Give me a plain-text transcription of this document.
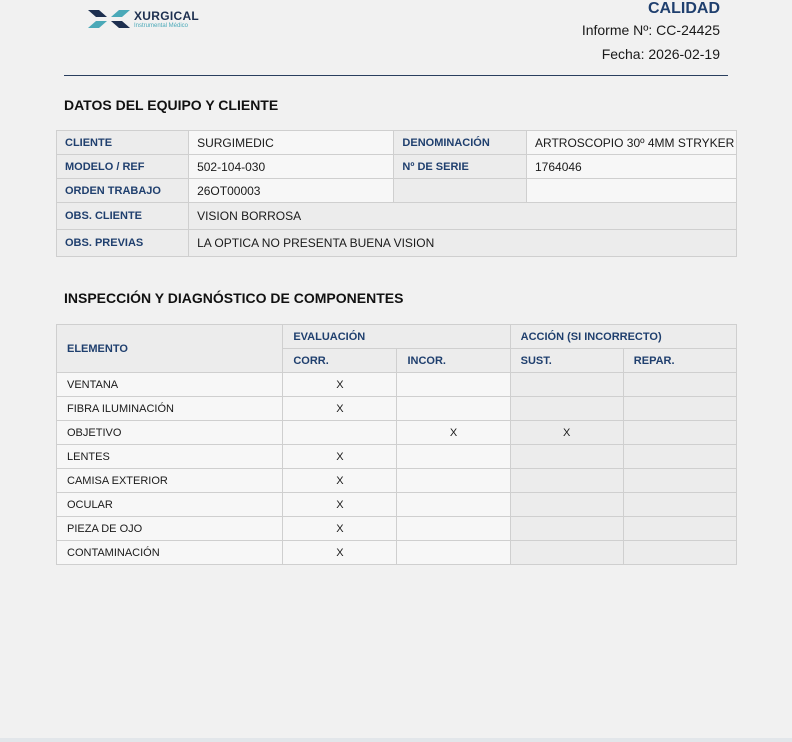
XURGICAL
Instrumental Médico
CALIDAD
Informe Nº: CC-24425
Fecha: 2026-02-19
DATOS DEL EQUIPO Y CLIENTE
CLIENTE	SURGIMEDIC	DENOMINACIÓN	ARTROSCOPIO 30º 4MM STRYKER
MODELO / REF	502-104-030	Nº DE SERIE	1764046
ORDEN TRABAJO	26OT00003		
OBS. CLIENTE	VISION BORROSA		
OBS. PREVIAS	LA OPTICA NO PRESENTA BUENA VISION		
INSPECCIÓN Y DIAGNÓSTICO DE COMPONENTES
ELEMENTO	EVALUACIÓN		ACCIÓN (SI INCORRECTO)	
	CORR.	INCOR.	SUST.	REPAR.
VENTANA	X			
FIBRA ILUMINACIÓN	X			
OBJETIVO		X	X	
LENTES	X			
CAMISA EXTERIOR	X			
OCULAR	X			
PIEZA DE OJO	X			
CONTAMINACIÓN	X			
